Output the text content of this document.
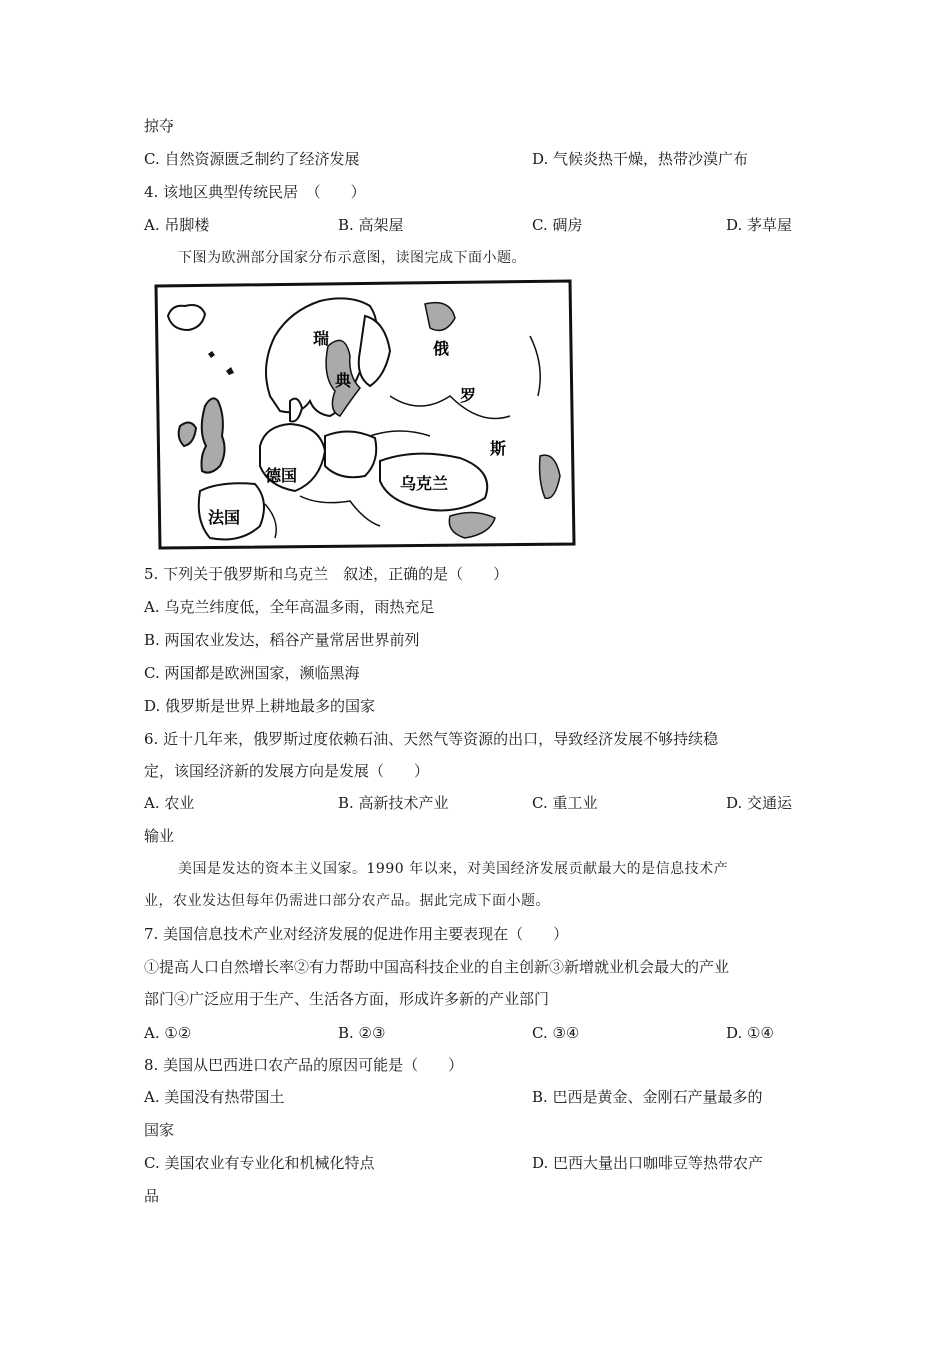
掠夺
C. 自然资源匮乏制约了经济发展	D. 气候炎热干燥，热带沙漠广布
4. 该地区典型传统民居　（　　）
A. 吊脚楼	B. 高架屋	C. 碉房	D. 茅草屋
下图为欧洲部分国家分布示意图，读图完成下面小题。
瑞
典
俄
罗
斯
德国	乌克兰
法国
5. 下列关于俄罗斯和乌克兰　叙述，正确的是（　　）
A. 乌克兰纬度低，全年高温多雨，雨热充足
B. 两国农业发达，稻谷产量常居世界前列
C. 两国都是欧洲国家，濒临黑海
D. 俄罗斯是世界上耕地最多的国家
6. 近十几年来，俄罗斯过度依赖石油、天然气等资源的出口，导致经济发展不够持续稳
定，该国经济新的发展方向是发展（　　）
A. 农业	B. 高新技术产业	C. 重工业	D. 交通运
输业
美国是发达的资本主义国家。1990 年以来，对美国经济发展贡献最大的是信息技术产
业，农业发达但每年仍需进口部分农产品。据此完成下面小题。
7. 美国信息技术产业对经济发展的促进作用主要表现在（　　）
①提高人口自然增长率②有力帮助中国高科技企业的自主创新③新增就业机会最大的产业
部门④广泛应用于生产、生活各方面，形成许多新的产业部门
A. ①②	B. ②③	C. ③④	D. ①④
8. 美国从巴西进口农产品的原因可能是（　　）
A. 美国没有热带国土	B. 巴西是黄金、金刚石产量最多的
国家
C. 美国农业有专业化和机械化特点	D. 巴西大量出口咖啡豆等热带农产
品
